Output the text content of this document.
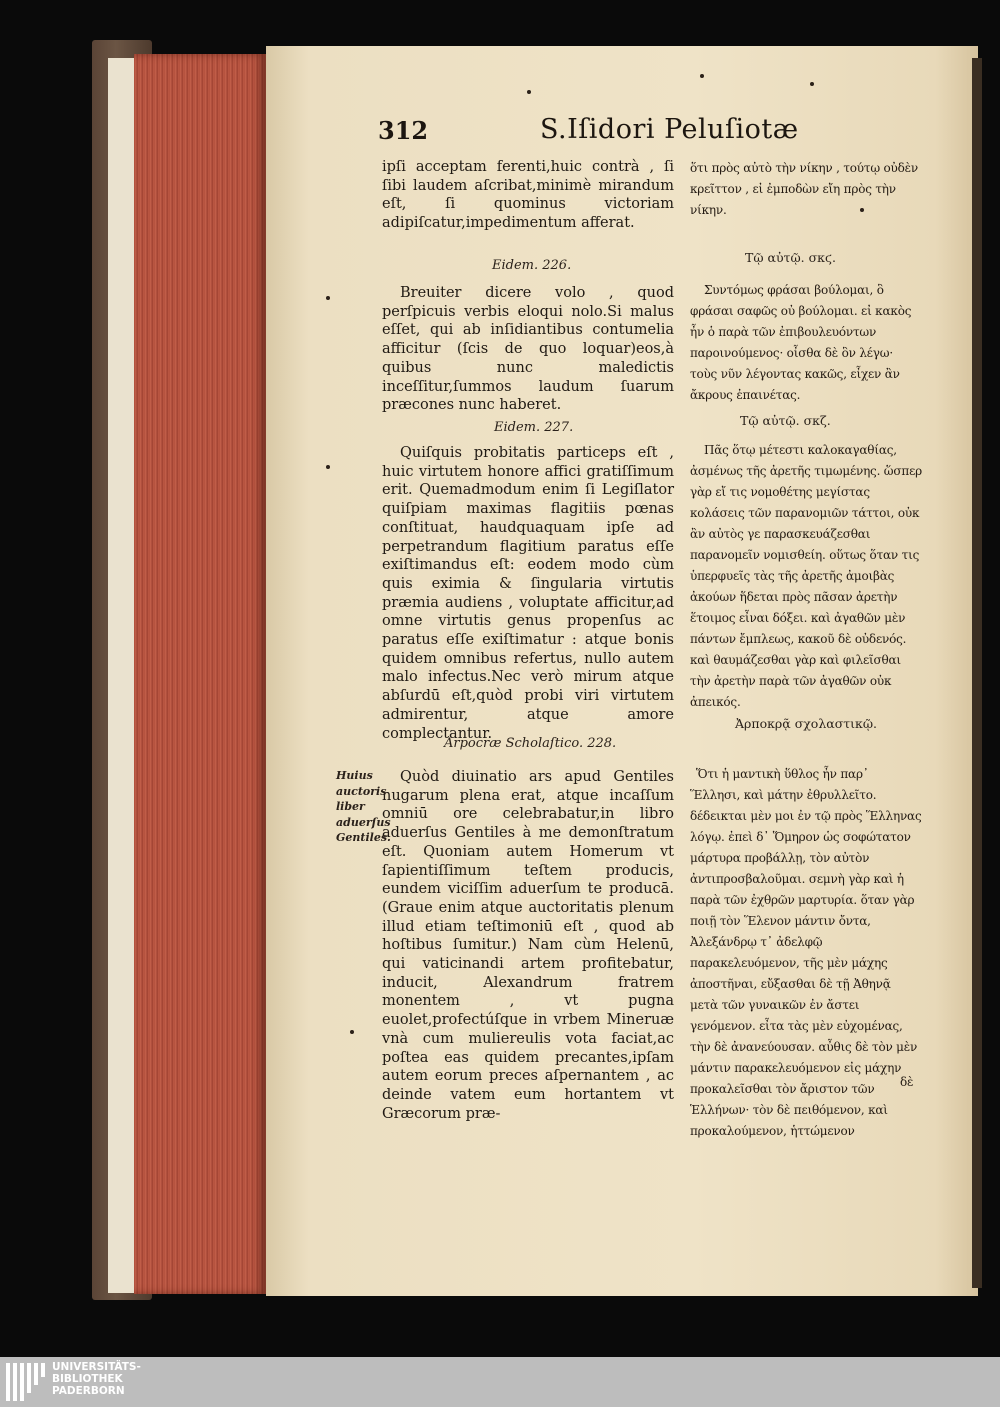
312	S.Iſidori Peluſiotæ
ipſi acceptam ferenti,huic contrà , ſi ſibi laudem aſcribat,minimè mirandum eſt, ſi quominus victoriam adipiſcatur,impedimentum afferat.
Eidem. 226.
Breuiter dicere volo , quod perſpicuis verbis eloqui nolo.Si malus eſſet, qui ab inſidiantibus contumelia afficitur (ſcis de quo loquar)eos,à quibus nunc maledictis inceſſitur,ſummos laudum ſuarum præcones nunc haberet.
Eidem. 227.
Quiſquis probitatis particeps eſt , huic virtutem honore affici gratiſſimum erit. Quemadmodum enim ſi Legiſlator quiſpiam maximas flagitiis pœnas conſtituat, haudquaquam ipſe ad perpetrandum flagitium paratus eſſe exiſtimandus eſt: eodem modo cùm quis eximia & ſingularia virtutis præmia audiens , voluptate afficitur,ad omne virtutis genus propenſus ac paratus eſſe exiſtimatur : atque bonis quidem omnibus refertus, nullo autem malo infectus.Nec verò mirum atque abſurdū eſt,quòd probi viri virtutem admirentur, atque amore complectantur.
Arpocræ Scholaſtico. 228.
Quòd diuinatio ars apud Gentiles nugarum plena erat, atque incaſſum omniū ore celebrabatur,in libro aduerſus Gentiles à me demonſtratum eſt. Quoniam autem Homerum vt ſapientiſſimum teſtem producis, eundem viciſſim aduerſum te producā. (Graue enim atque auctoritatis plenum illud etiam teſtimoniū eſt , quod ab hoſtibus ſumitur.) Nam cùm Helenū, qui vaticinandi artem profitebatur, inducit, Alexandrum fratrem monentem , vt pugna euolet,profectúſque in vrbem Mineruæ vnà cum muliereulis vota faciat,ac poſtea eas quidem precantes,ipſam autem eorum preces aſpernantem , ac deinde vatem eum hortantem vt Græcorum præ-
Huius auctoris liber aduerſus Gentiles.
ὅτι πρὸς αὐτὸ τὴν νίκην , τούτῳ οὐδὲν κρεῖττον , εἰ ἐμποδὼν εἴη πρὸς τὴν νίκην.
Τῷ αὐτῷ. σκϛ.
Συντόμως φράσαι βούλομαι, ὃ φράσαι σαφῶς οὐ βούλομαι. εἰ κακὸς ἦν ὁ παρὰ τῶν ἐπιβουλευόντων παροινούμενος· οἶσθα δὲ ὃν λέγω· τοὺς νῦν λέγοντας κακῶς, εἶχεν ἂν ἄκρους ἐπαινέτας.
Τῷ αὐτῷ. σκζ.
Πᾶς ὅτῳ μέτεστι καλοκαγαθίας, ἀσμένως τῆς ἀρετῆς τιμωμένης. ὥσπερ γὰρ εἴ τις νομοθέτης μεγίστας κολάσεις τῶν παρανομιῶν τάττοι, οὐκ ἂν αὐτὸς γε παρασκευάζεσθαι παρανομεῖν νομισθείη. οὕτως ὅταν τις ὑπερφυεῖς τὰς τῆς ἀρετῆς ἀμοιβὰς ἀκούων ἥδεται πρὸς πᾶσαν ἀρετὴν ἕτοιμος εἶναι δόξει. καὶ ἀγαθῶν μὲν πάντων ἔμπλεως, κακοῦ δὲ οὐδενός. καὶ θαυμάζεσθαι γὰρ καὶ φιλεῖσθαι τὴν ἀρετὴν παρὰ τῶν ἀγαθῶν οὐκ ἀπεικός.
Ἀρποκρᾷ σχολαστικῷ.
Ὅτι ἡ μαντικὴ ὕθλος ἦν παρ᾽ Ἕλλησι, καὶ μάτην ἐθρυλλεῖτο. δέδεικται μὲν μοι ἐν τῷ πρὸς Ἕλληνας λόγῳ. ἐπεὶ δ᾽ Ὅμηρον ὡς σοφώτατον μάρτυρα προβάλλῃ, τὸν αὐτὸν ἀντιπροσβαλοῦμαι. σεμνὴ γὰρ καὶ ἡ παρὰ τῶν ἐχθρῶν μαρτυρία. ὅταν γὰρ ποιῇ τὸν Ἕλενον μάντιν ὄντα, Ἀλεξάνδρῳ τ᾽ ἀδελφῷ παρακελευόμενον, τῆς μὲν μάχης ἀποστῆναι, εὔξασθαι δὲ τῇ Ἀθηνᾷ μετὰ τῶν γυναικῶν ἐν ἄστει γενόμενον. εἶτα τὰς μὲν εὐχομένας, τὴν δὲ ἀνανεύουσαν. αὖθις δὲ τὸν μὲν μάντιν παρακελευόμενον εἰς μάχην προκαλεῖσθαι τὸν ἄριστον τῶν Ἑλλήνων· τὸν δὲ πειθόμενον, καὶ προκαλούμενον, ἡττώμενον
δὲ
UNIVERSITÄTS-
BIBLIOTHEK
PADERBORN
